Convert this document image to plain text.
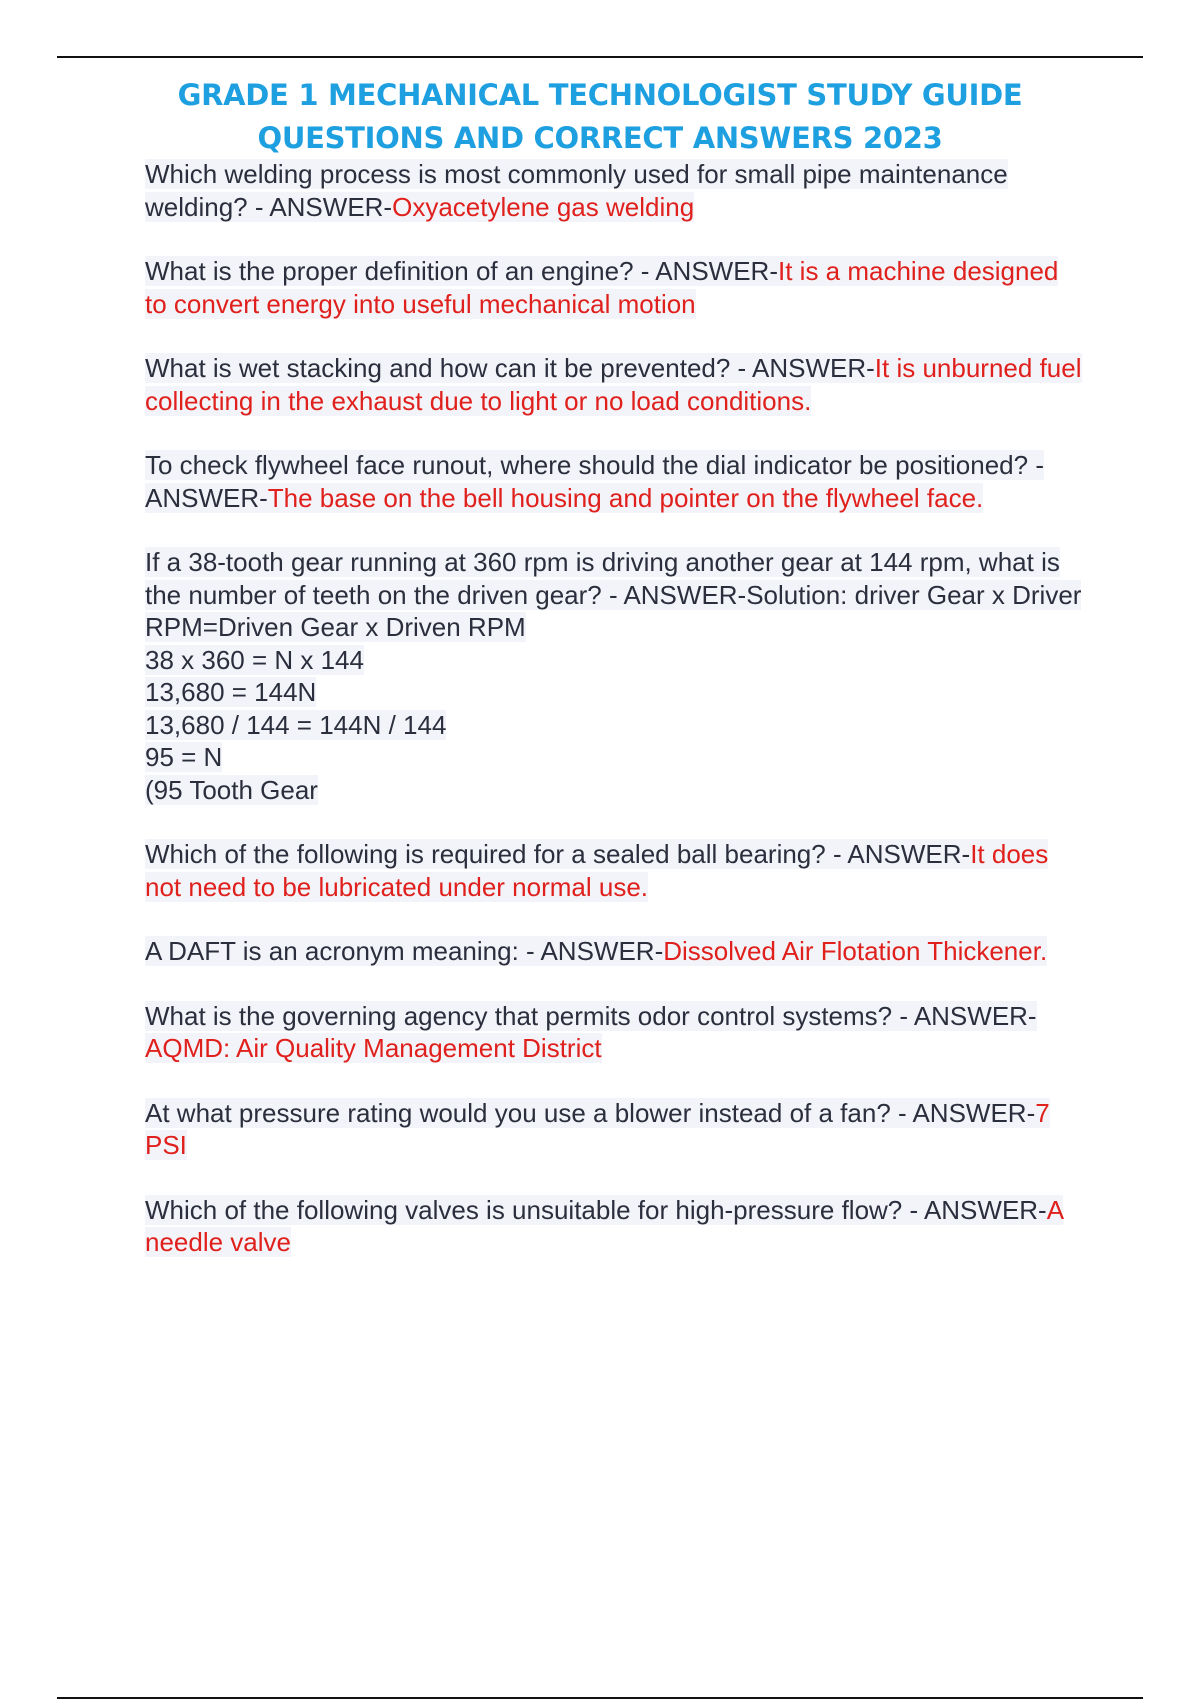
GRADE 1 MECHANICAL TECHNOLOGIST STUDY GUIDE
QUESTIONS AND CORRECT ANSWERS 2023

Which welding process is most commonly used for small pipe maintenance welding? - ANSWER-Oxyacetylene gas welding

What is the proper definition of an engine? - ANSWER-It is a machine designed to convert energy into useful mechanical motion

What is wet stacking and how can it be prevented? - ANSWER-It is unburned fuel collecting in the exhaust due to light or no load conditions.

To check flywheel face runout, where should the dial indicator be positioned? - ANSWER-The base on the bell housing and pointer on the flywheel face.

If a 38-tooth gear running at 360 rpm is driving another gear at 144 rpm, what is the number of teeth on the driven gear? - ANSWER-Solution: driver Gear x Driver RPM=Driven Gear x Driven RPM

38 x 360 = N x 144
13,680 = 144N
13,680 / 144 = 144N / 144
95 = N
(95 Tooth Gear

Which of the following is required for a sealed ball bearing? - ANSWER-It does not need to be lubricated under normal use.

A DAFT is an acronym meaning: - ANSWER-Dissolved Air Flotation Thickener.

What is the governing agency that permits odor control systems? - ANSWER-AQMD: Air Quality Management District

At what pressure rating would you use a blower instead of a fan? - ANSWER-7 PSI

Which of the following valves is unsuitable for high-pressure flow? - ANSWER-A needle valve
